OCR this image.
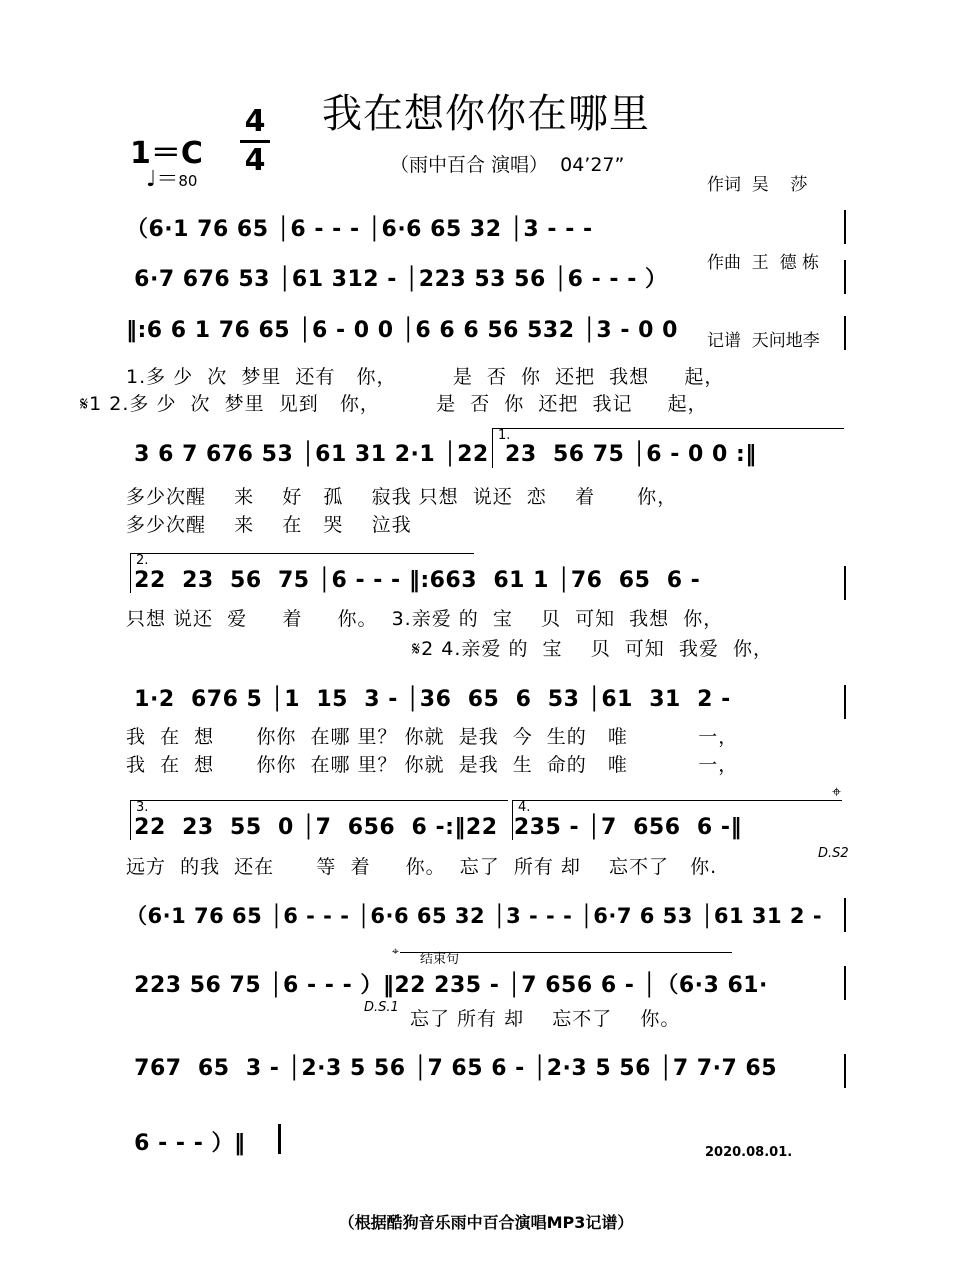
我在想你你在哪里
（雨中百合 演唱）  04’27”
1＝C
4
4
♩＝80

	作词  吴    莎

作曲  王  德 栋

记谱  天问地李

（6·1 76 65 │6 - - - │6·6 65 32 │3 - - -
6·7 676 53 │61 312 - │223 53 56 │6 - - - ）
‖:6 6 1 76 65 │6 - 0 0 │6 6 6 56 532 │3 - 0 0
1.多 少  次  梦里  还有   你，        是  否  你  还把  我想     起，
𝄋1 2.多 少  次  梦里  见到   你，        是  否  你  还把  我记     起，
1.
3 6 7 676 53 │61 31 2·1 │22  23  56 75 │6 - 0 0 :‖
多少次醒    来    好   孤    寂我 只想  说还  恋    着      你，
多少次醒    来    在   哭    泣我
2.
22  23  56  75 │6 - - - ‖:663  61 1 │76  65  6 -
只想 说还  爱     着     你。  3.亲爱 的  宝    贝  可知  我想  你，
𝄋2 4.亲爱 的  宝    贝  可知  我爱  你，
1·2  676 5 │1  15  3 - │36  65  6  53 │61  31  2 -
我  在  想      你你  在哪 里？ 你就  是我  今  生的   唯          一，
我  在  想      你你  在哪 里？ 你就  是我  生  命的   唯          一，
3.	4.
⌖
22  23  55  0 │7  656  6 -:‖22  235 - │7  656  6 -‖
远方  的我  还在      等  着     你。  忘了  所有 却    忘不了   你.
D.S2
（6·1 76 65 │6 - - - │6·6 65 32 │3 - - - │6·7 6 53 │61 31 2 -
⌖
结束句
223 56 75 │6 - - - ）‖22 235 - │7 656 6 - │（6·3 61·
D.S.1
忘了 所有 却    忘不了    你。
767  65  3 - │2·3 5 56 │7 65 6 - │2·3 5 56 │7 7·7 65
6 - - - ）‖	2020.08.01.
（根据酷狗音乐雨中百合演唱MP3记谱）
